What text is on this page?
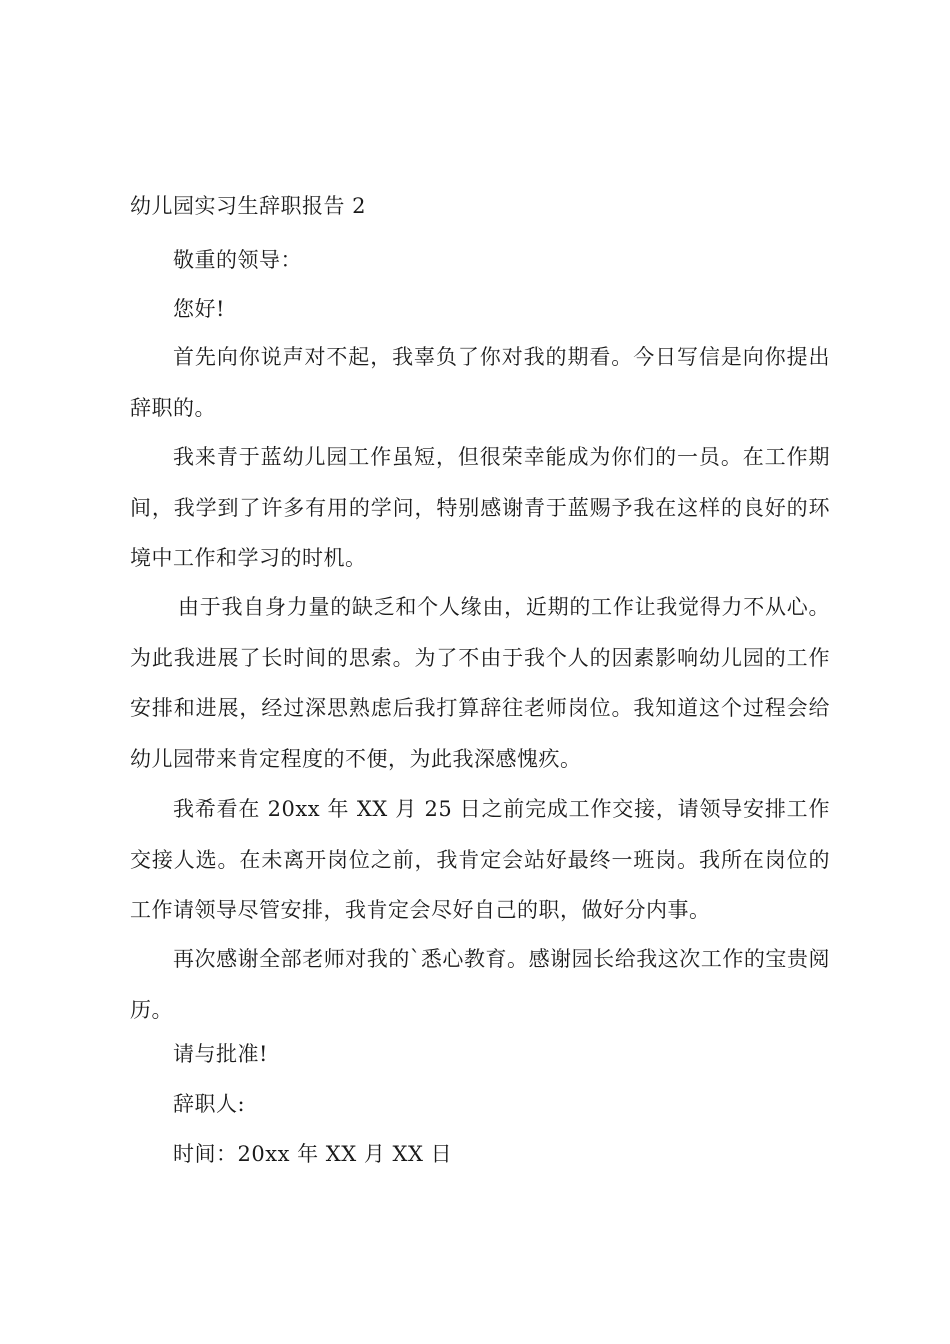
幼儿园实习生辞职报告 2
敬重的领导：
您好!
首先向你说声对不起，我辜负了你对我的期看。今日写信是向你提出辞职的。
我来青于蓝幼儿园工作虽短，但很荣幸能成为你们的一员。在工作期间，我学到了许多有用的学问，特别感谢青于蓝赐予我在这样的良好的环境中工作和学习的时机。
由于我自身力量的缺乏和个人缘由，近期的工作让我觉得力不从心。为此我进展了长时间的思索。为了不由于我个人的因素影响幼儿园的工作安排和进展，经过深思熟虑后我打算辞往老师岗位。我知道这个过程会给幼儿园带来肯定程度的不便，为此我深感愧疚。
我希看在 20xx 年 XX 月 25 日之前完成工作交接，请领导安排工作交接人选。在未离开岗位之前，我肯定会站好最终一班岗。我所在岗位的工作请领导尽管安排，我肯定会尽好自己的职，做好分内事。
再次感谢全部老师对我的`悉心教育。感谢园长给我这次工作的宝贵阅历。
请与批准!
辞职人:
时间：20xx 年 XX 月 XX 日
